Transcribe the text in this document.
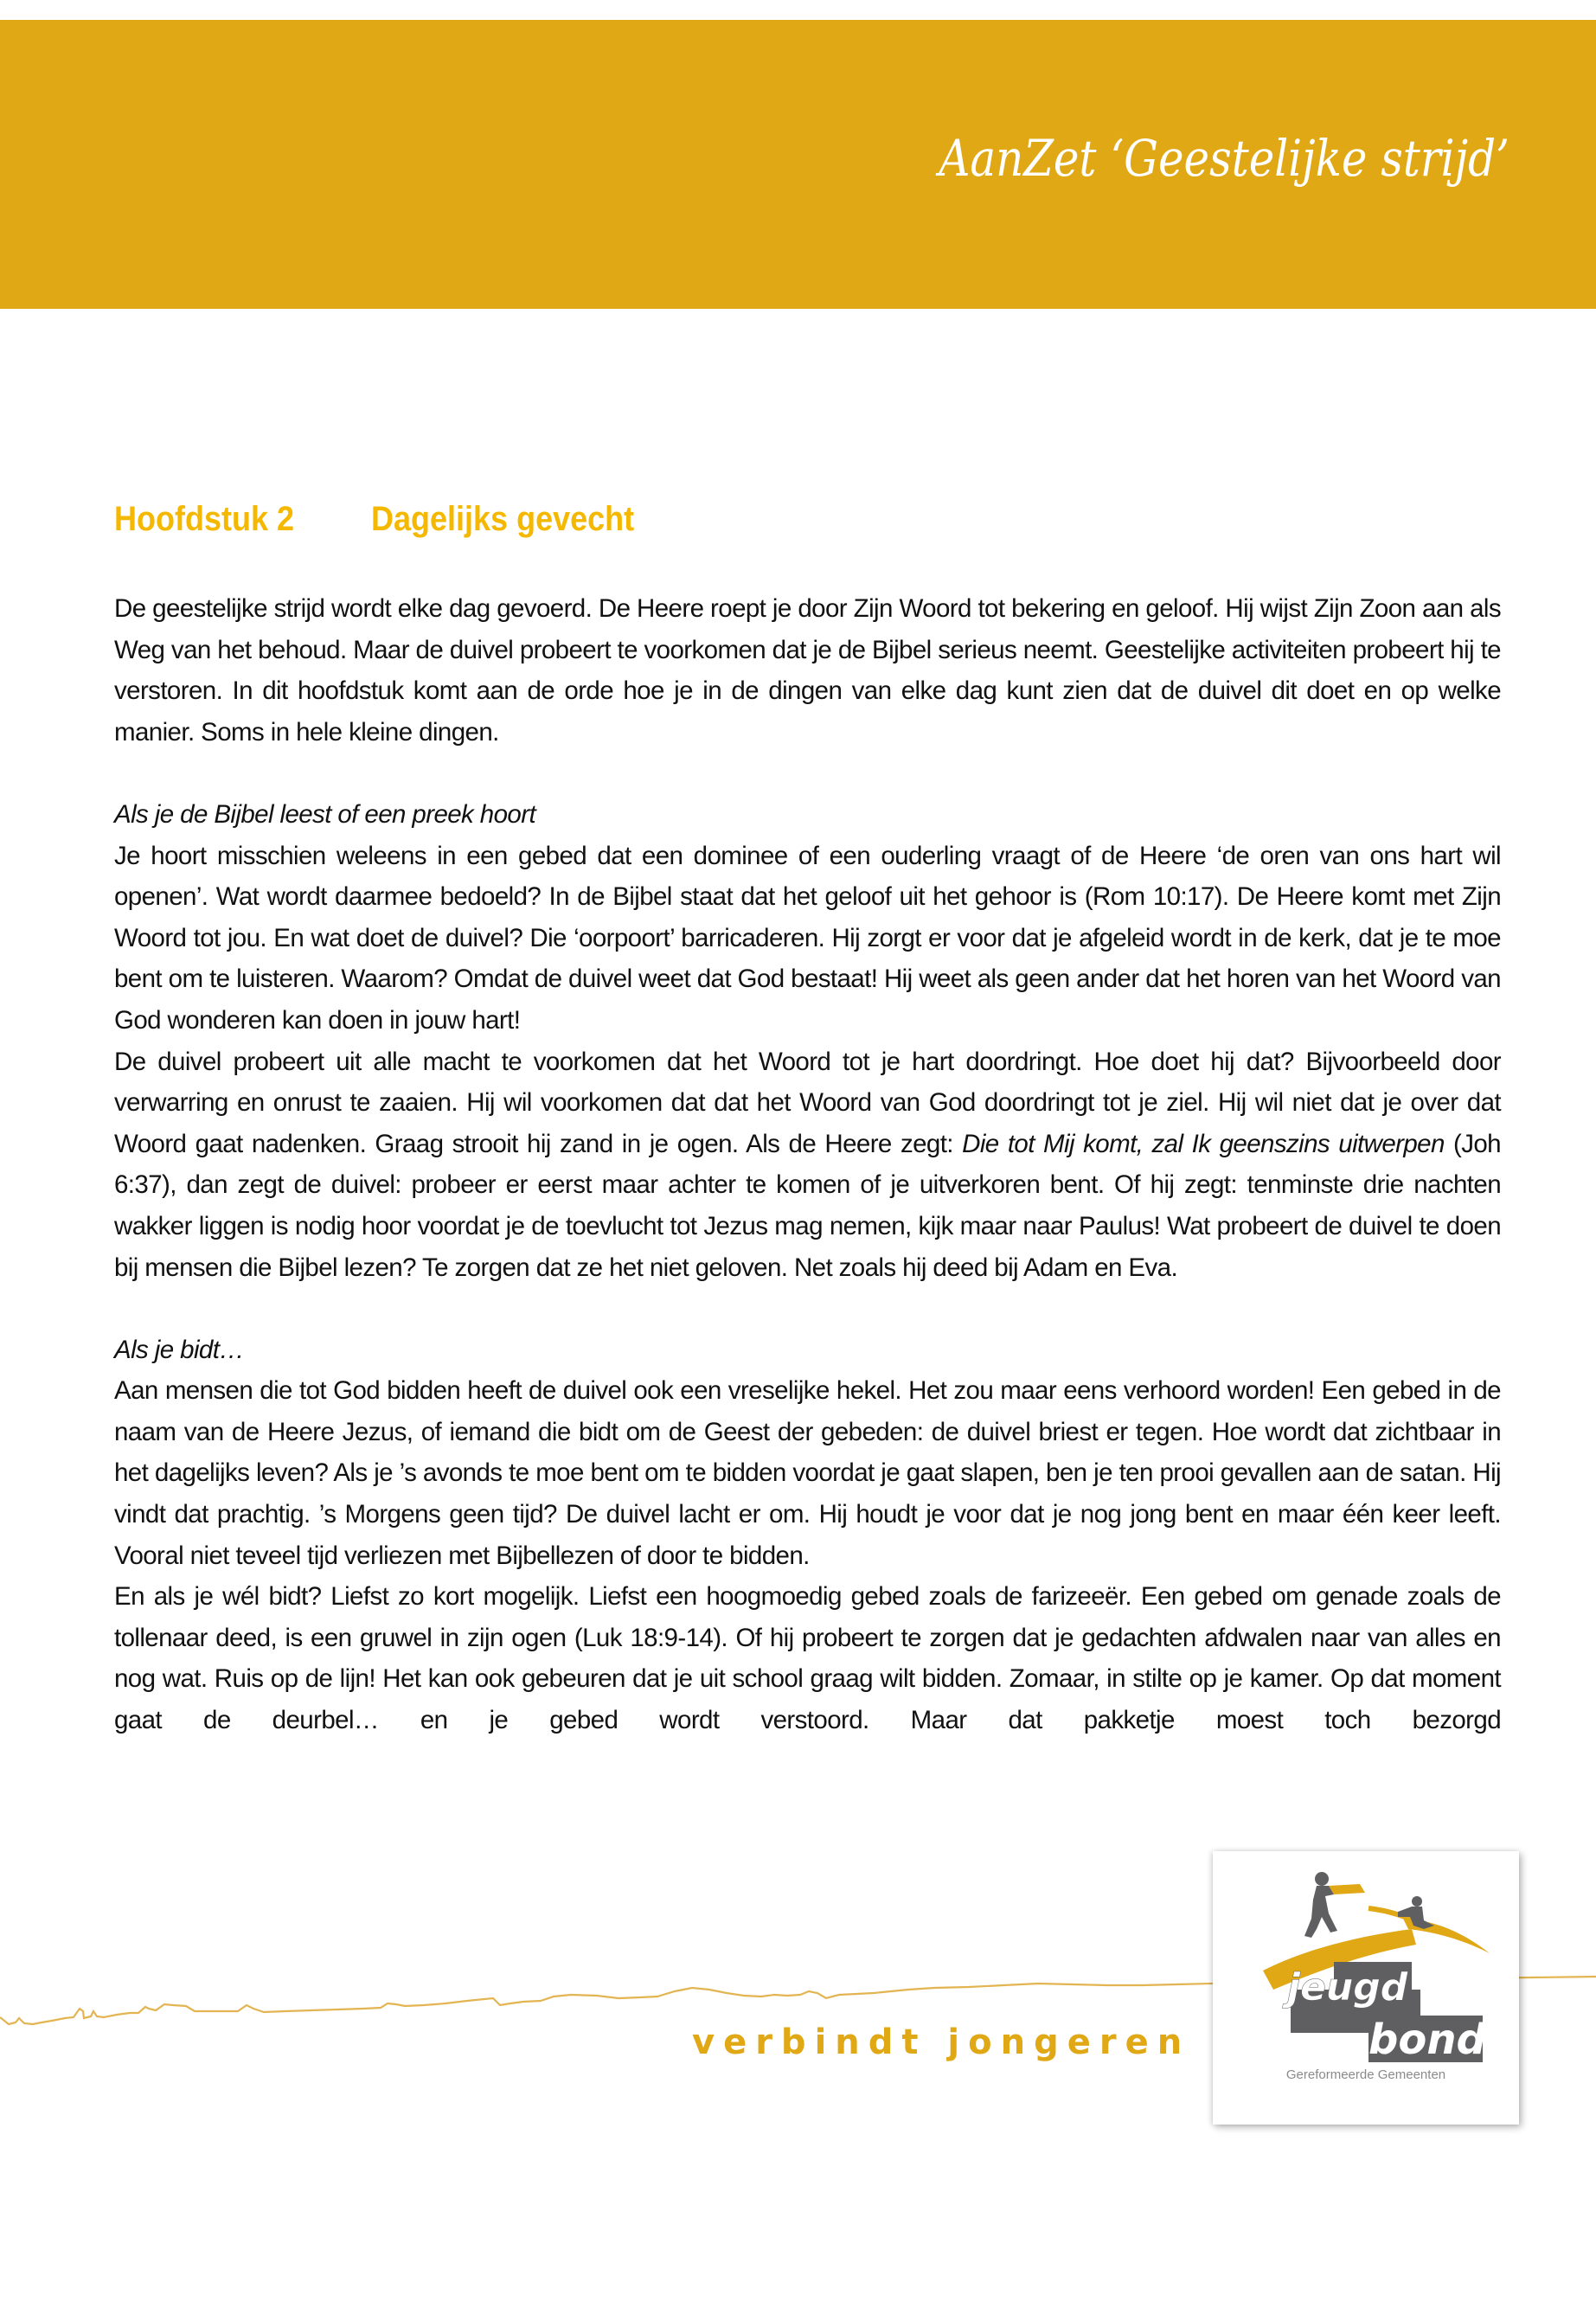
AanZet ‘Geestelijke strijd’
Hoofdstuk 2 Dagelijks gevecht

De geestelijke strijd wordt elke dag gevoerd. De Heere roept je door Zijn Woord tot bekering en geloof. Hij wijst Zijn Zoon aan als Weg van het behoud. Maar de duivel probeert te voorkomen dat je de Bijbel serieus neemt. Geestelijke activiteiten probeert hij te verstoren. In dit hoofdstuk komt aan de orde hoe je in de dingen van elke dag kunt zien dat de duivel dit doet en op welke manier. Soms in hele kleine dingen.

Als je de Bijbel leest of een preek hoort

Je hoort misschien weleens in een gebed dat een dominee of een ouderling vraagt of de Heere ‘de oren van ons hart wil openen’. Wat wordt daarmee bedoeld? In de Bijbel staat dat het geloof uit het gehoor is (Rom 10:17). De Heere komt met Zijn Woord tot jou. En wat doet de duivel? Die ‘oorpoort’ barricaderen. Hij zorgt er voor dat je afgeleid wordt in de kerk, dat je te moe bent om te luisteren. Waarom? Omdat de duivel weet dat God bestaat! Hij weet als geen ander dat het horen van het Woord van God wonderen kan doen in jouw hart!

De duivel probeert uit alle macht te voorkomen dat het Woord tot je hart doordringt. Hoe doet hij dat? Bijvoorbeeld door verwarring en onrust te zaaien. Hij wil voorkomen dat dat het Woord van God doordringt tot je ziel. Hij wil niet dat je over dat Woord gaat nadenken. Graag strooit hij zand in je ogen. Als de Heere zegt: Die tot Mij komt, zal Ik geenszins uitwerpen (Joh 6:37), dan zegt de duivel: probeer er eerst maar achter te komen of je uitverkoren bent. Of hij zegt: tenminste drie nachten wakker liggen is nodig hoor voordat je de toevlucht tot Jezus mag nemen, kijk maar naar Paulus! Wat probeert de duivel te doen bij mensen die Bijbel lezen? Te zorgen dat ze het niet geloven. Net zoals hij deed bij Adam en Eva.

Als je bidt…

Aan mensen die tot God bidden heeft de duivel ook een vreselijke hekel. Het zou maar eens verhoord worden! Een gebed in de naam van de Heere Jezus, of iemand die bidt om de Geest der gebeden: de duivel briest er tegen. Hoe wordt dat zichtbaar in het dagelijks leven? Als je ’s avonds te moe bent om te bidden voordat je gaat slapen, ben je ten prooi gevallen aan de satan. Hij vindt dat prachtig. ’s Morgens geen tijd? De duivel lacht er om. Hij houdt je voor dat je nog jong bent en maar één keer leeft. Vooral niet teveel tijd verliezen met Bijbellezen of door te bidden.

En als je wél bidt? Liefst zo kort mogelijk. Liefst een hoogmoedig gebed zoals de farizeeër. Een gebed om genade zoals de tollenaar deed, is een gruwel in zijn ogen (Luk 18:9-14). Of hij probeert te zorgen dat je gedachten afdwalen naar van alles en nog wat. Ruis op de lijn! Het kan ook gebeuren dat je uit school graag wilt bidden. Zomaar, in stilte op je kamer. Op dat moment gaat de deurbel… en je gebed wordt verstoord. Maar dat pakketje moest toch bezorgd

verbindt jongeren
jeugd
bond
Gereformeerde Gemeenten
